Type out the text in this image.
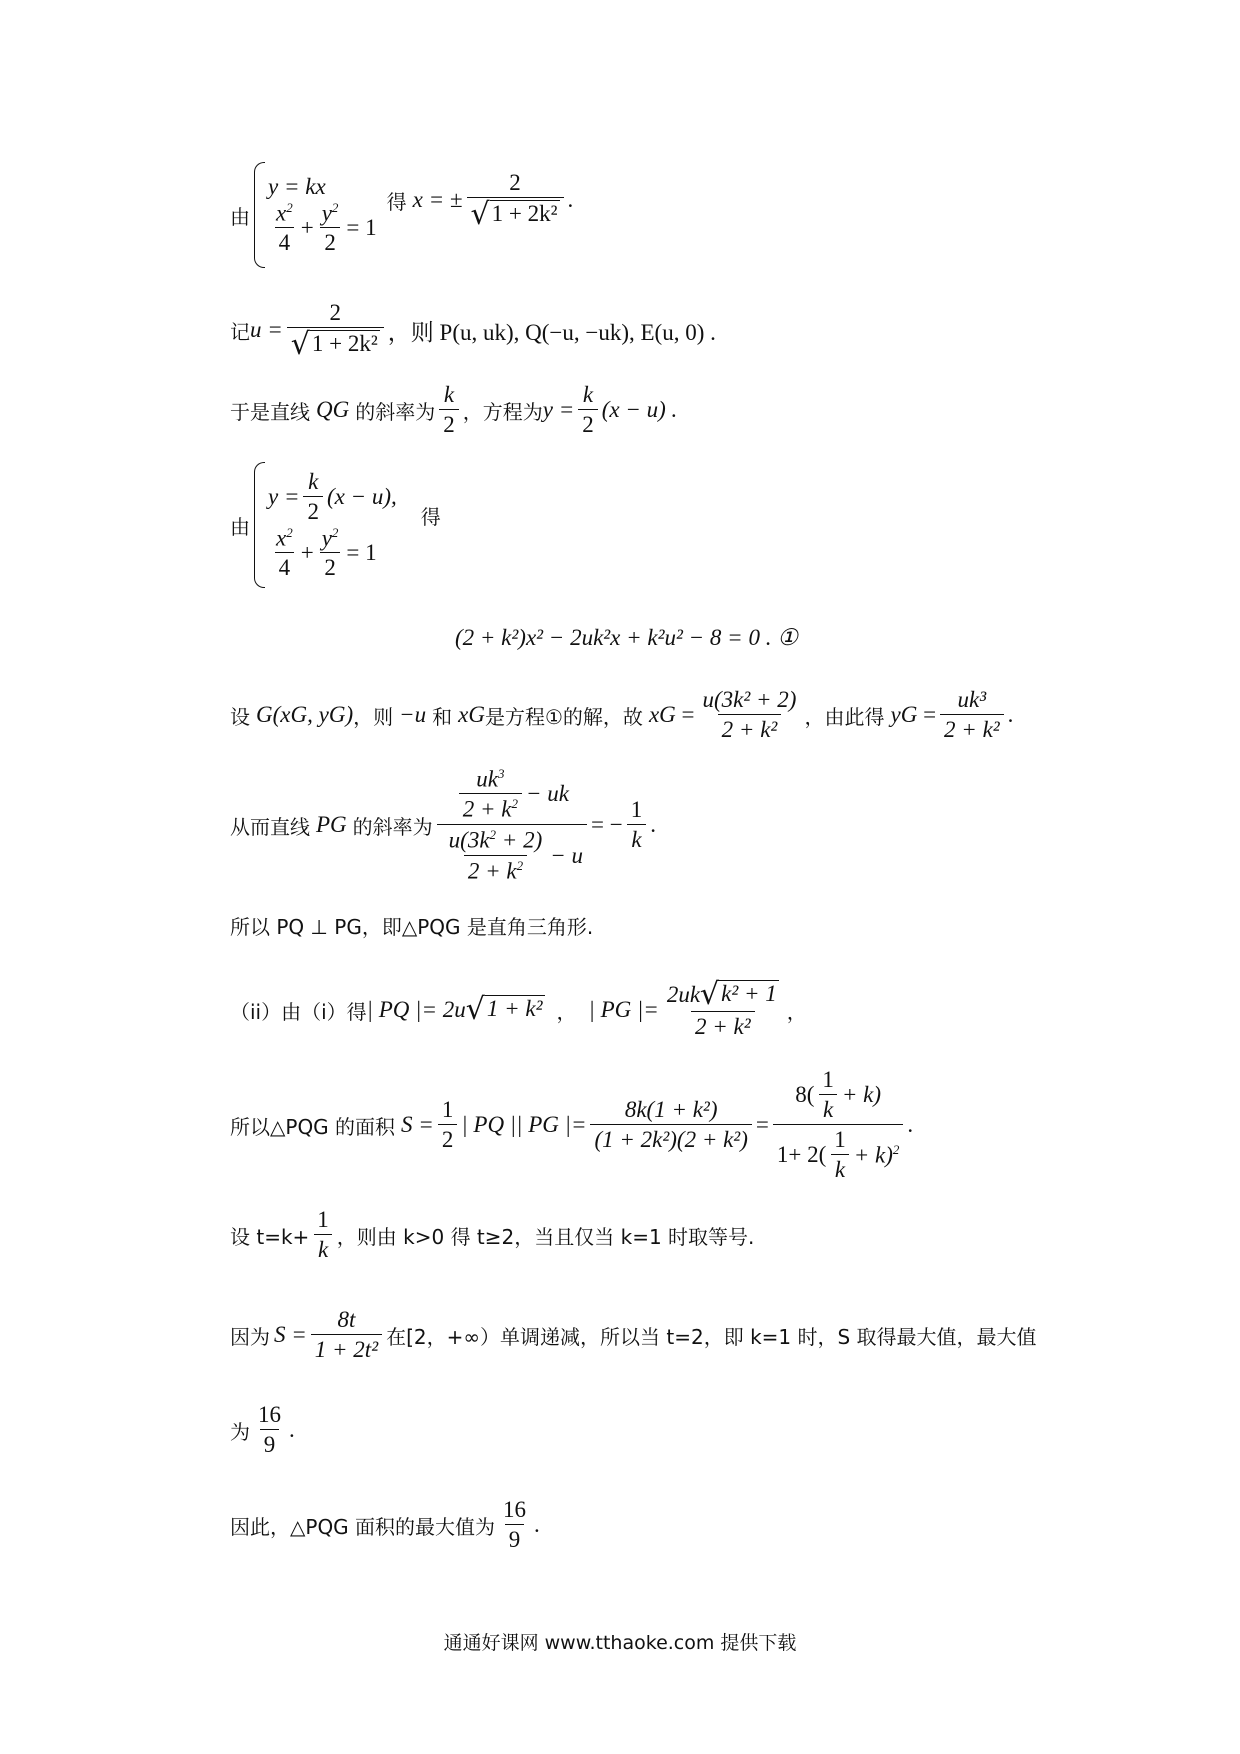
由
y = kx
$\frac{x^2}{4} + \frac{y^2}{2} = 1$
得 x = ± $\frac{2}{\text{√ 1 + 2k²}}$ .
记 $u = \frac{2}{\text{√ 1 + 2k²}}$ ，则 P(u, uk), Q(−u, −uk), E(u, 0) .
于是直线 QG 的斜率为 $\frac{k}{2}$ ，方程为 $y = \frac{k}{2} (x - u)$ .
由
$y = \frac{k}{2} (x - u)$,
$\frac{x^2}{4} + \frac{y^2}{2} = 1$
得
(2 + k²)x² − 2uk²x + k²u² − 8 = 0 . ①
设 G(x G , y G ) ，则 −u 和 x G 是方程①的解，故 x $G = \frac{\text{u(3k² + 2)}}{\text{2 + k²}}$ ，由此得 y $G = \frac{\text{uk³}}{\text{2 + k²}}$ .
从而直线 PG 的斜率为 $\frac{\frac{uk^3}{2 + k^2} - uk}{\frac{u(3k^2 + 2)}{2 + k^2} - u}$ = − $\frac{1}{k}$ .
所以 PQ ⊥ PG，即△PQG 是直角三角形.
（ii）由（i）得 | PQ |= 2u √ 1 + k² ， | PG |= $\frac{\text{2uk √ k² + 1}}{\text{2 + k²}}$ ，
所以△PQG 的面积 $S = \frac{1}{2}$ | PQ || PG |= $\frac{\text{8k(1 + k²)}}{\text{(1 + 2k²)(2 + k²)}} = \frac{8( \frac{1}{k} + k)}{1+ 2( \frac{1}{k} + k)^2}$ .
设 $t=k+ \frac{1}{k}$ ，则由 k>0 得 t≥2，当且仅当 k=1 时取等号.
因为 $S = \frac{8t}{\text{1 + 2t²}}$ 在[2，+∞）单调递减，所以当 t=2，即 k=1 时，S 取得最大值，最大值
为 $\frac{16}{9}$ .
因此，△PQG 面积的最大值为 $\frac{16}{9}$ .
通通好课网 www.tthaoke.com 提供下载
